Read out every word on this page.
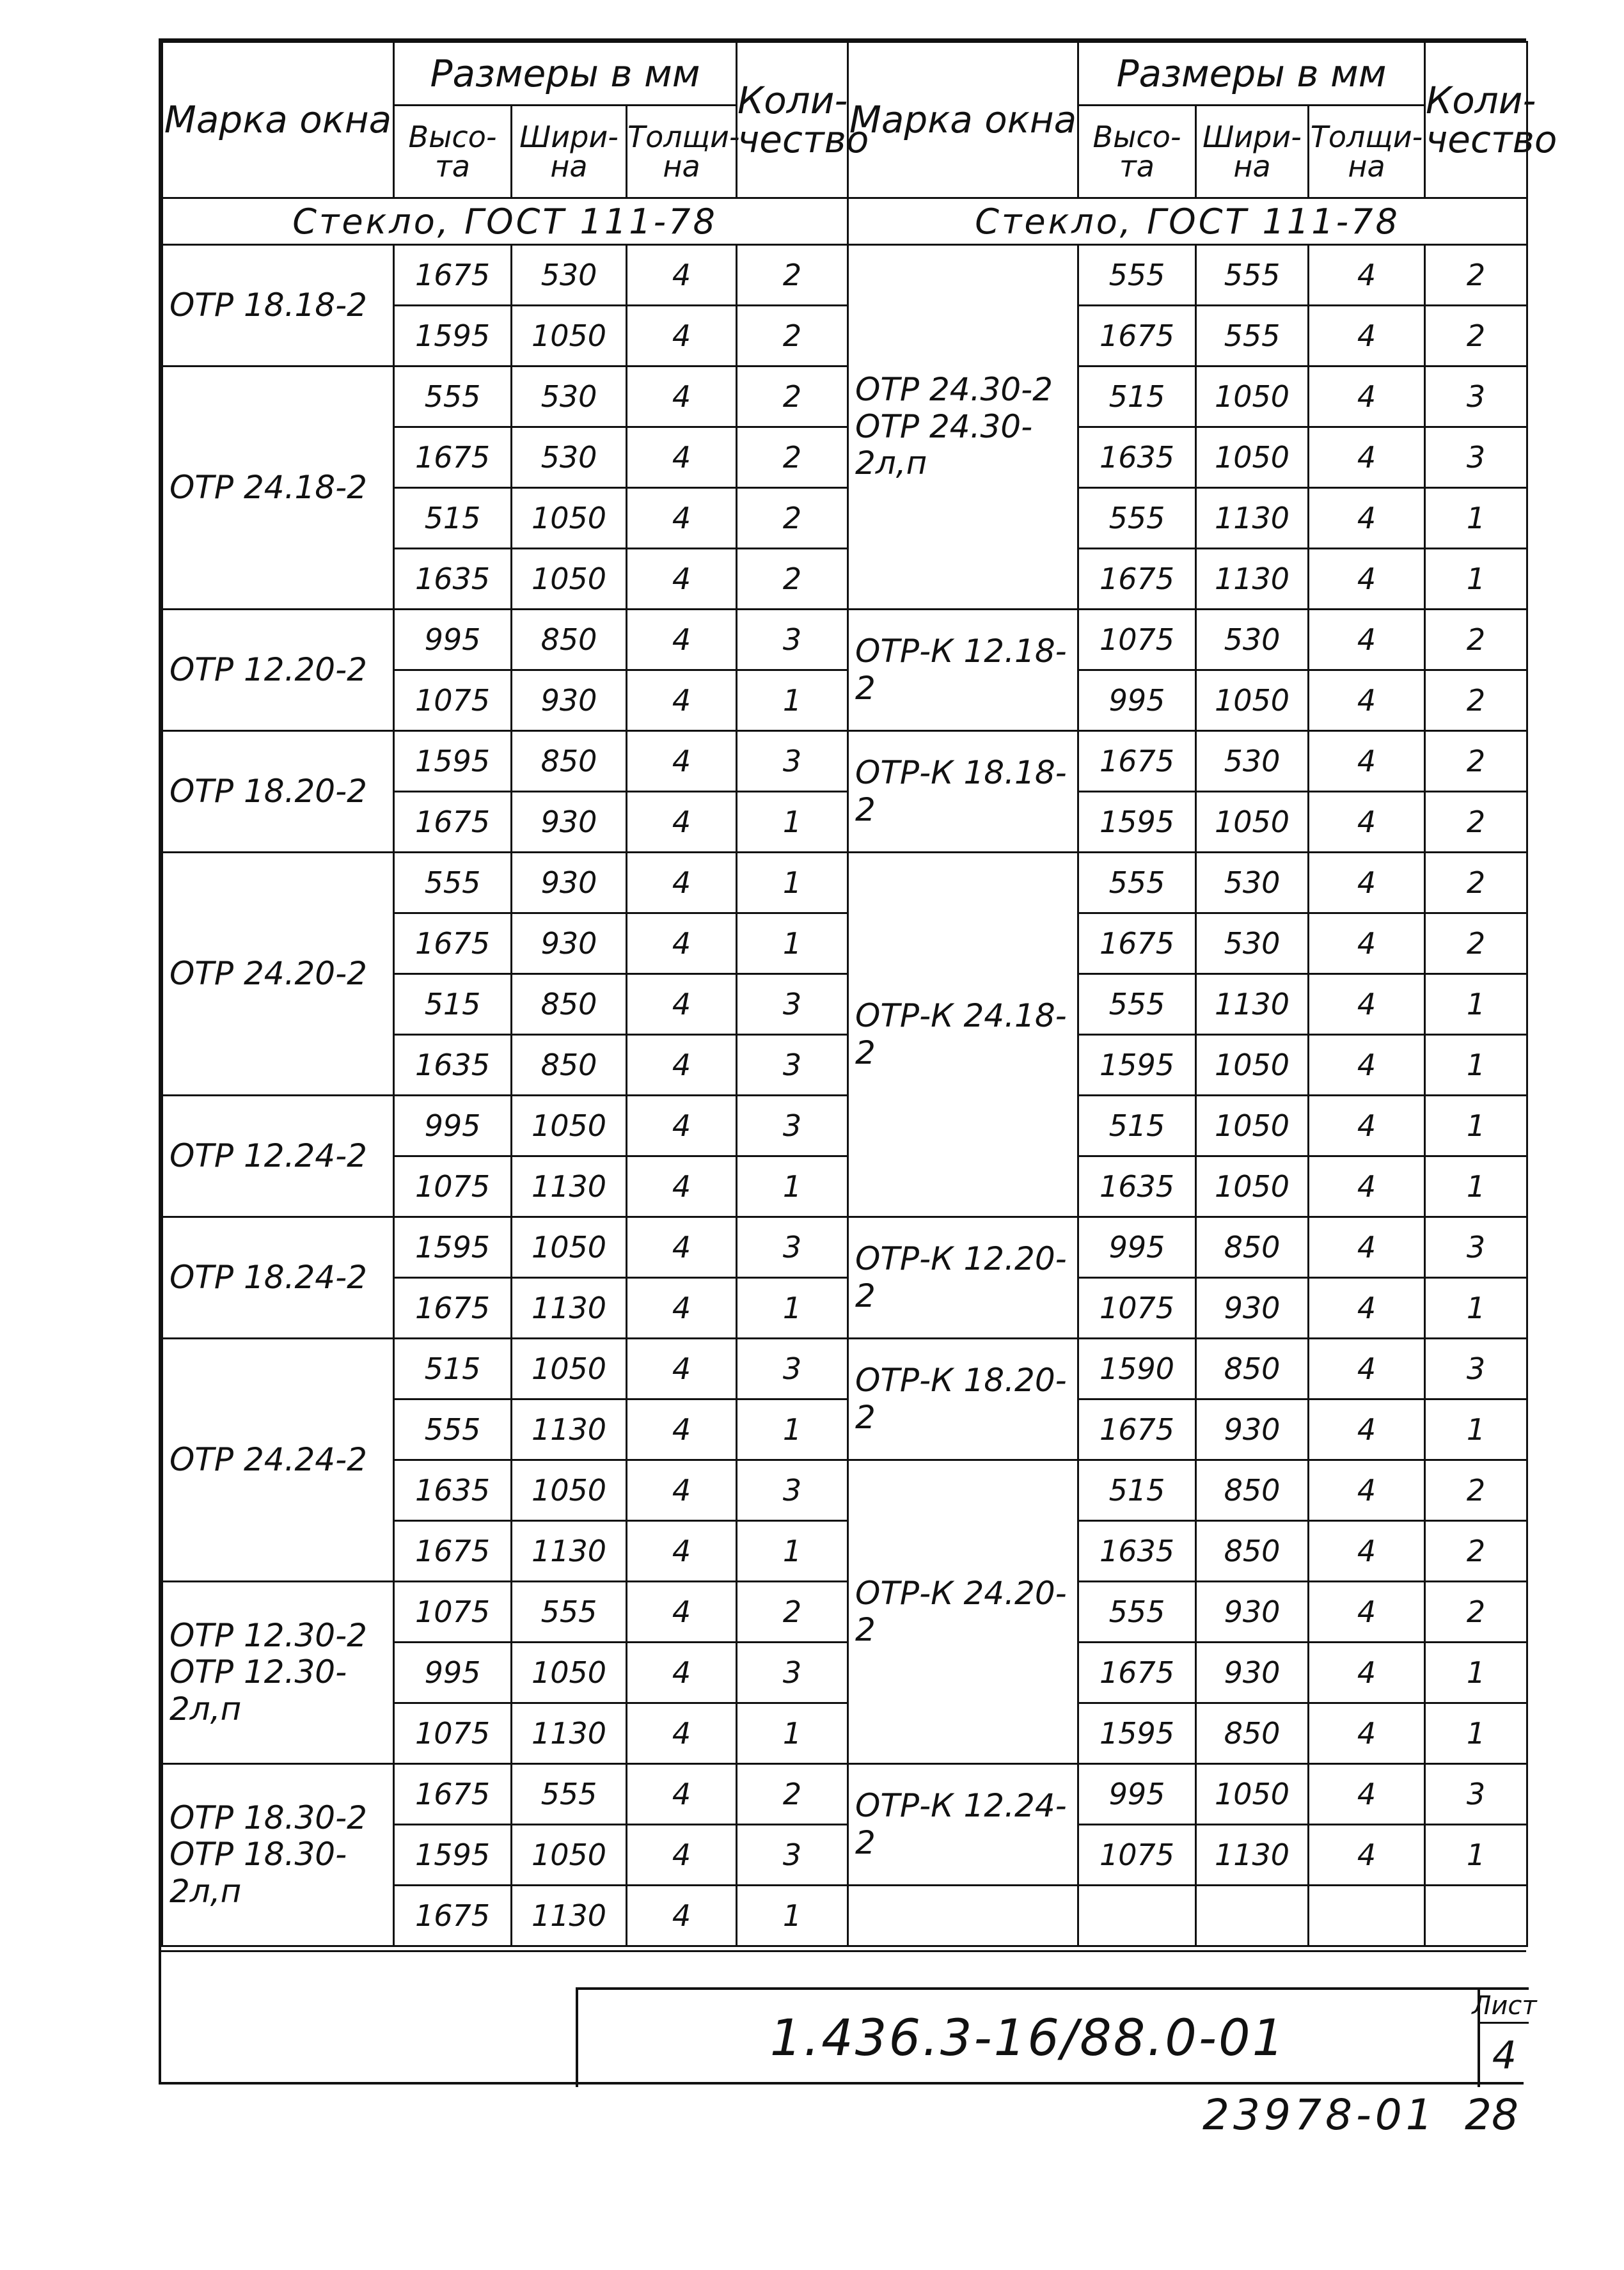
Марка окна	Размеры в мм			Коли-чество	Марка окна	Размеры в мм			Коли-чество
	Высо-та	Шири-на	Толщи-на			Высо-та	Шири-на	Толщи-на	
Стекло, ГОСТ 111-78					Стекло, ГОСТ 111-78				
ОТР 18.18-2	1675	530	4	2	ОТР 24.30-2 ОТР 24.30-2л,п	555	555	4	2
	1595	1050	4	2		1675	555	4	2
ОТР 24.18-2	555	530	4	2		515	1050	4	3
	1675	530	4	2		1635	1050	4	3
	515	1050	4	2		555	1130	4	1
	1635	1050	4	2		1675	1130	4	1
ОТР 12.20-2	995	850	4	3	ОТР-К 12.18-2	1075	530	4	2
	1075	930	4	1		995	1050	4	2
ОТР 18.20-2	1595	850	4	3	ОТР-К 18.18-2	1675	530	4	2
	1675	930	4	1		1595	1050	4	2
ОТР 24.20-2	555	930	4	1	ОТР-К 24.18-2	555	530	4	2
	1675	930	4	1		1675	530	4	2
	515	850	4	3		555	1130	4	1
	1635	850	4	3		1595	1050	4	1
ОТР 12.24-2	995	1050	4	3		515	1050	4	1
	1075	1130	4	1		1635	1050	4	1
ОТР 18.24-2	1595	1050	4	3	ОТР-К 12.20-2	995	850	4	3
	1675	1130	4	1		1075	930	4	1
ОТР 24.24-2	515	1050	4	3	ОТР-К 18.20-2	1590	850	4	3
	555	1130	4	1		1675	930	4	1
	1635	1050	4	3	ОТР-К 24.20-2	515	850	4	2
	1675	1130	4	1		1635	850	4	2
ОТР 12.30-2 ОТР 12.30-2л,п	1075	555	4	2		555	930	4	2
	995	1050	4	3		1675	930	4	1
	1075	1130	4	1		1595	850	4	1
ОТР 18.30-2 ОТР 18.30-2л,п	1675	555	4	2	ОТР-К 12.24-2	995	1050	4	3
	1595	1050	4	3		1075	1130	4	1
	1675	1130	4	1					
1.436.3-16/88.0-01
Лист
4
23978-01 28
